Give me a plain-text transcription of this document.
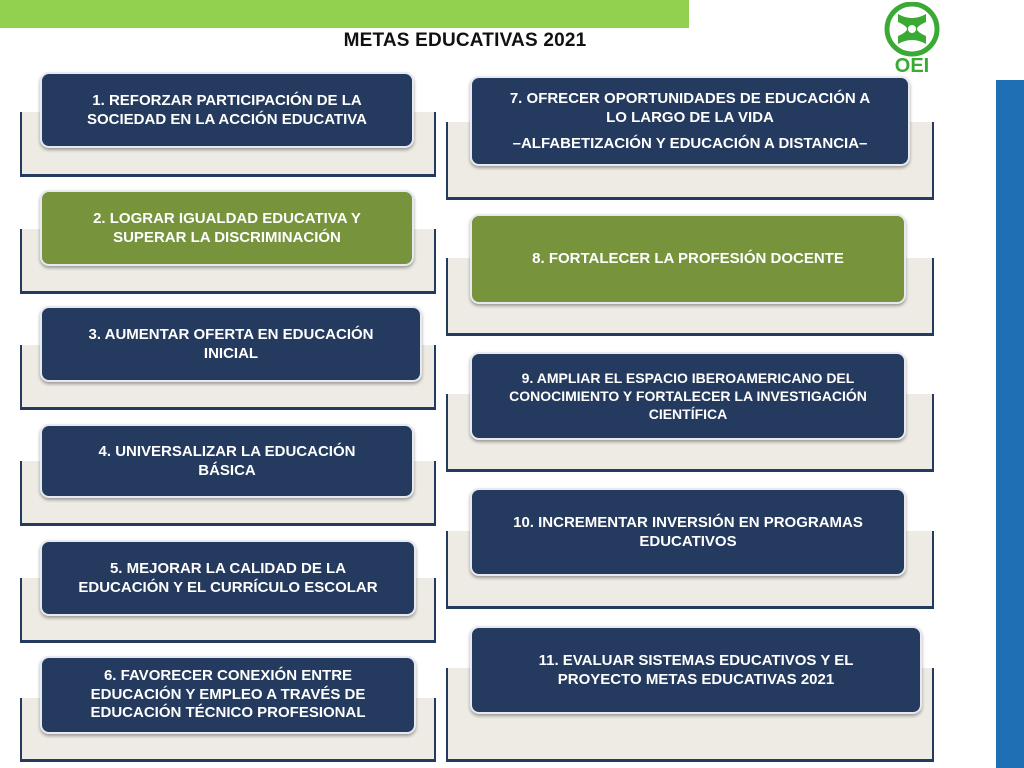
METAS EDUCATIVAS 2021
OEI
1. REFORZAR PARTICIPACIÓN DE LA
SOCIEDAD EN LA ACCIÓN EDUCATIVA
2. LOGRAR IGUALDAD EDUCATIVA Y
SUPERAR LA DISCRIMINACIÓN
3. AUMENTAR OFERTA EN EDUCACIÓN
INICIAL
4. UNIVERSALIZAR LA EDUCACIÓN
BÁSICA
5. MEJORAR LA CALIDAD DE LA
EDUCACIÓN Y EL CURRÍCULO ESCOLAR
6. FAVORECER CONEXIÓN ENTRE
EDUCACIÓN Y EMPLEO A TRAVÉS DE
EDUCACIÓN TÉCNICO PROFESIONAL
7. OFRECER OPORTUNIDADES DE EDUCACIÓN A
LO LARGO DE LA VIDA
–ALFABETIZACIÓN Y EDUCACIÓN A DISTANCIA–
8. FORTALECER LA PROFESIÓN DOCENTE
9. AMPLIAR EL ESPACIO IBEROAMERICANO DEL
CONOCIMIENTO Y FORTALECER LA INVESTIGACIÓN
CIENTÍFICA
10. INCREMENTAR INVERSIÓN EN PROGRAMAS
EDUCATIVOS
11. EVALUAR SISTEMAS EDUCATIVOS Y EL
PROYECTO METAS EDUCATIVAS 2021
